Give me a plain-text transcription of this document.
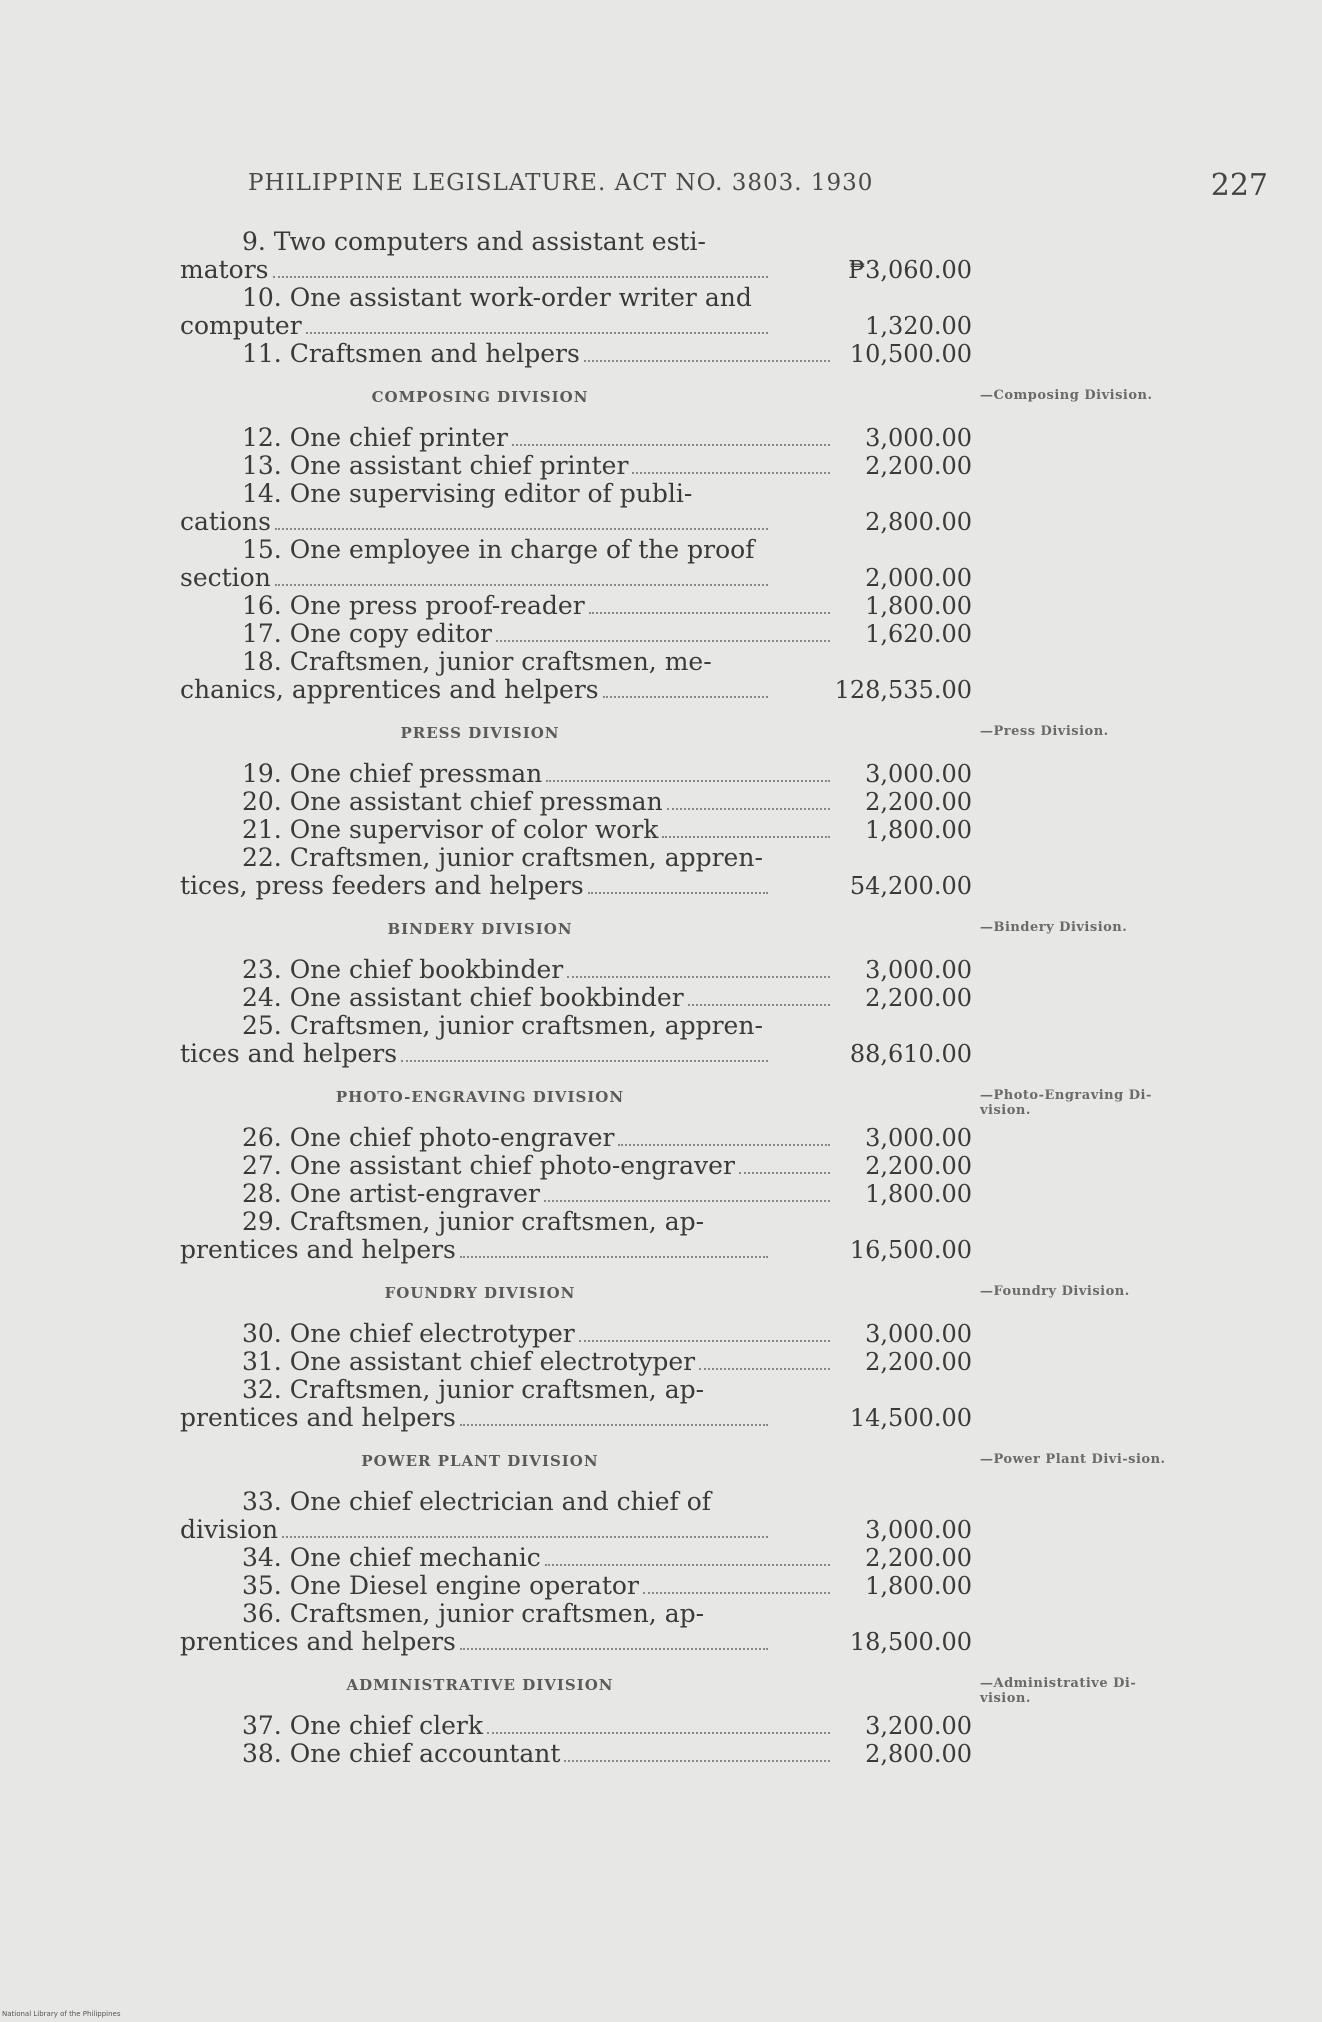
PHILIPPINE LEGISLATURE. ACT NO. 3803. 1930	227
9. Two computers and assistant esti-
mators	₱3,060.00
10. One assistant work-order writer and
computer	1,320.00
11. Craftsmen and helpers	10,500.00
COMPOSING DIVISION	—Composing Division.
12. One chief printer	3,000.00
13. One assistant chief printer	2,200.00
14. One supervising editor of publi-
cations	2,800.00
15. One employee in charge of the proof
section	2,000.00
16. One press proof-reader	1,800.00
17. One copy editor	1,620.00
18. Craftsmen, junior craftsmen, me-
chanics, apprentices and helpers	128,535.00
PRESS DIVISION	—Press Division.
19. One chief pressman	3,000.00
20. One assistant chief pressman	2,200.00
21. One supervisor of color work	1,800.00
22. Craftsmen, junior craftsmen, appren-
tices, press feeders and helpers	54,200.00
BINDERY DIVISION	—Bindery Division.
23. One chief bookbinder	3,000.00
24. One assistant chief bookbinder	2,200.00
25. Craftsmen, junior craftsmen, appren-
tices and helpers	88,610.00
PHOTO-ENGRAVING DIVISION	—Photo-Engraving Di-vision.
26. One chief photo-engraver	3,000.00
27. One assistant chief photo-engraver	2,200.00
28. One artist-engraver	1,800.00
29. Craftsmen, junior craftsmen, ap-
prentices and helpers	16,500.00
FOUNDRY DIVISION	—Foundry Division.
30. One chief electrotyper	3,000.00
31. One assistant chief electrotyper	2,200.00
32. Craftsmen, junior craftsmen, ap-
prentices and helpers	14,500.00
POWER PLANT DIVISION	—Power Plant Divi-sion.
33. One chief electrician and chief of
division	3,000.00
34. One chief mechanic	2,200.00
35. One Diesel engine operator	1,800.00
36. Craftsmen, junior craftsmen, ap-
prentices and helpers	18,500.00
ADMINISTRATIVE DIVISION	—Administrative Di-vision.
37. One chief clerk	3,200.00
38. One chief accountant	2,800.00
National Library of the Philippines
